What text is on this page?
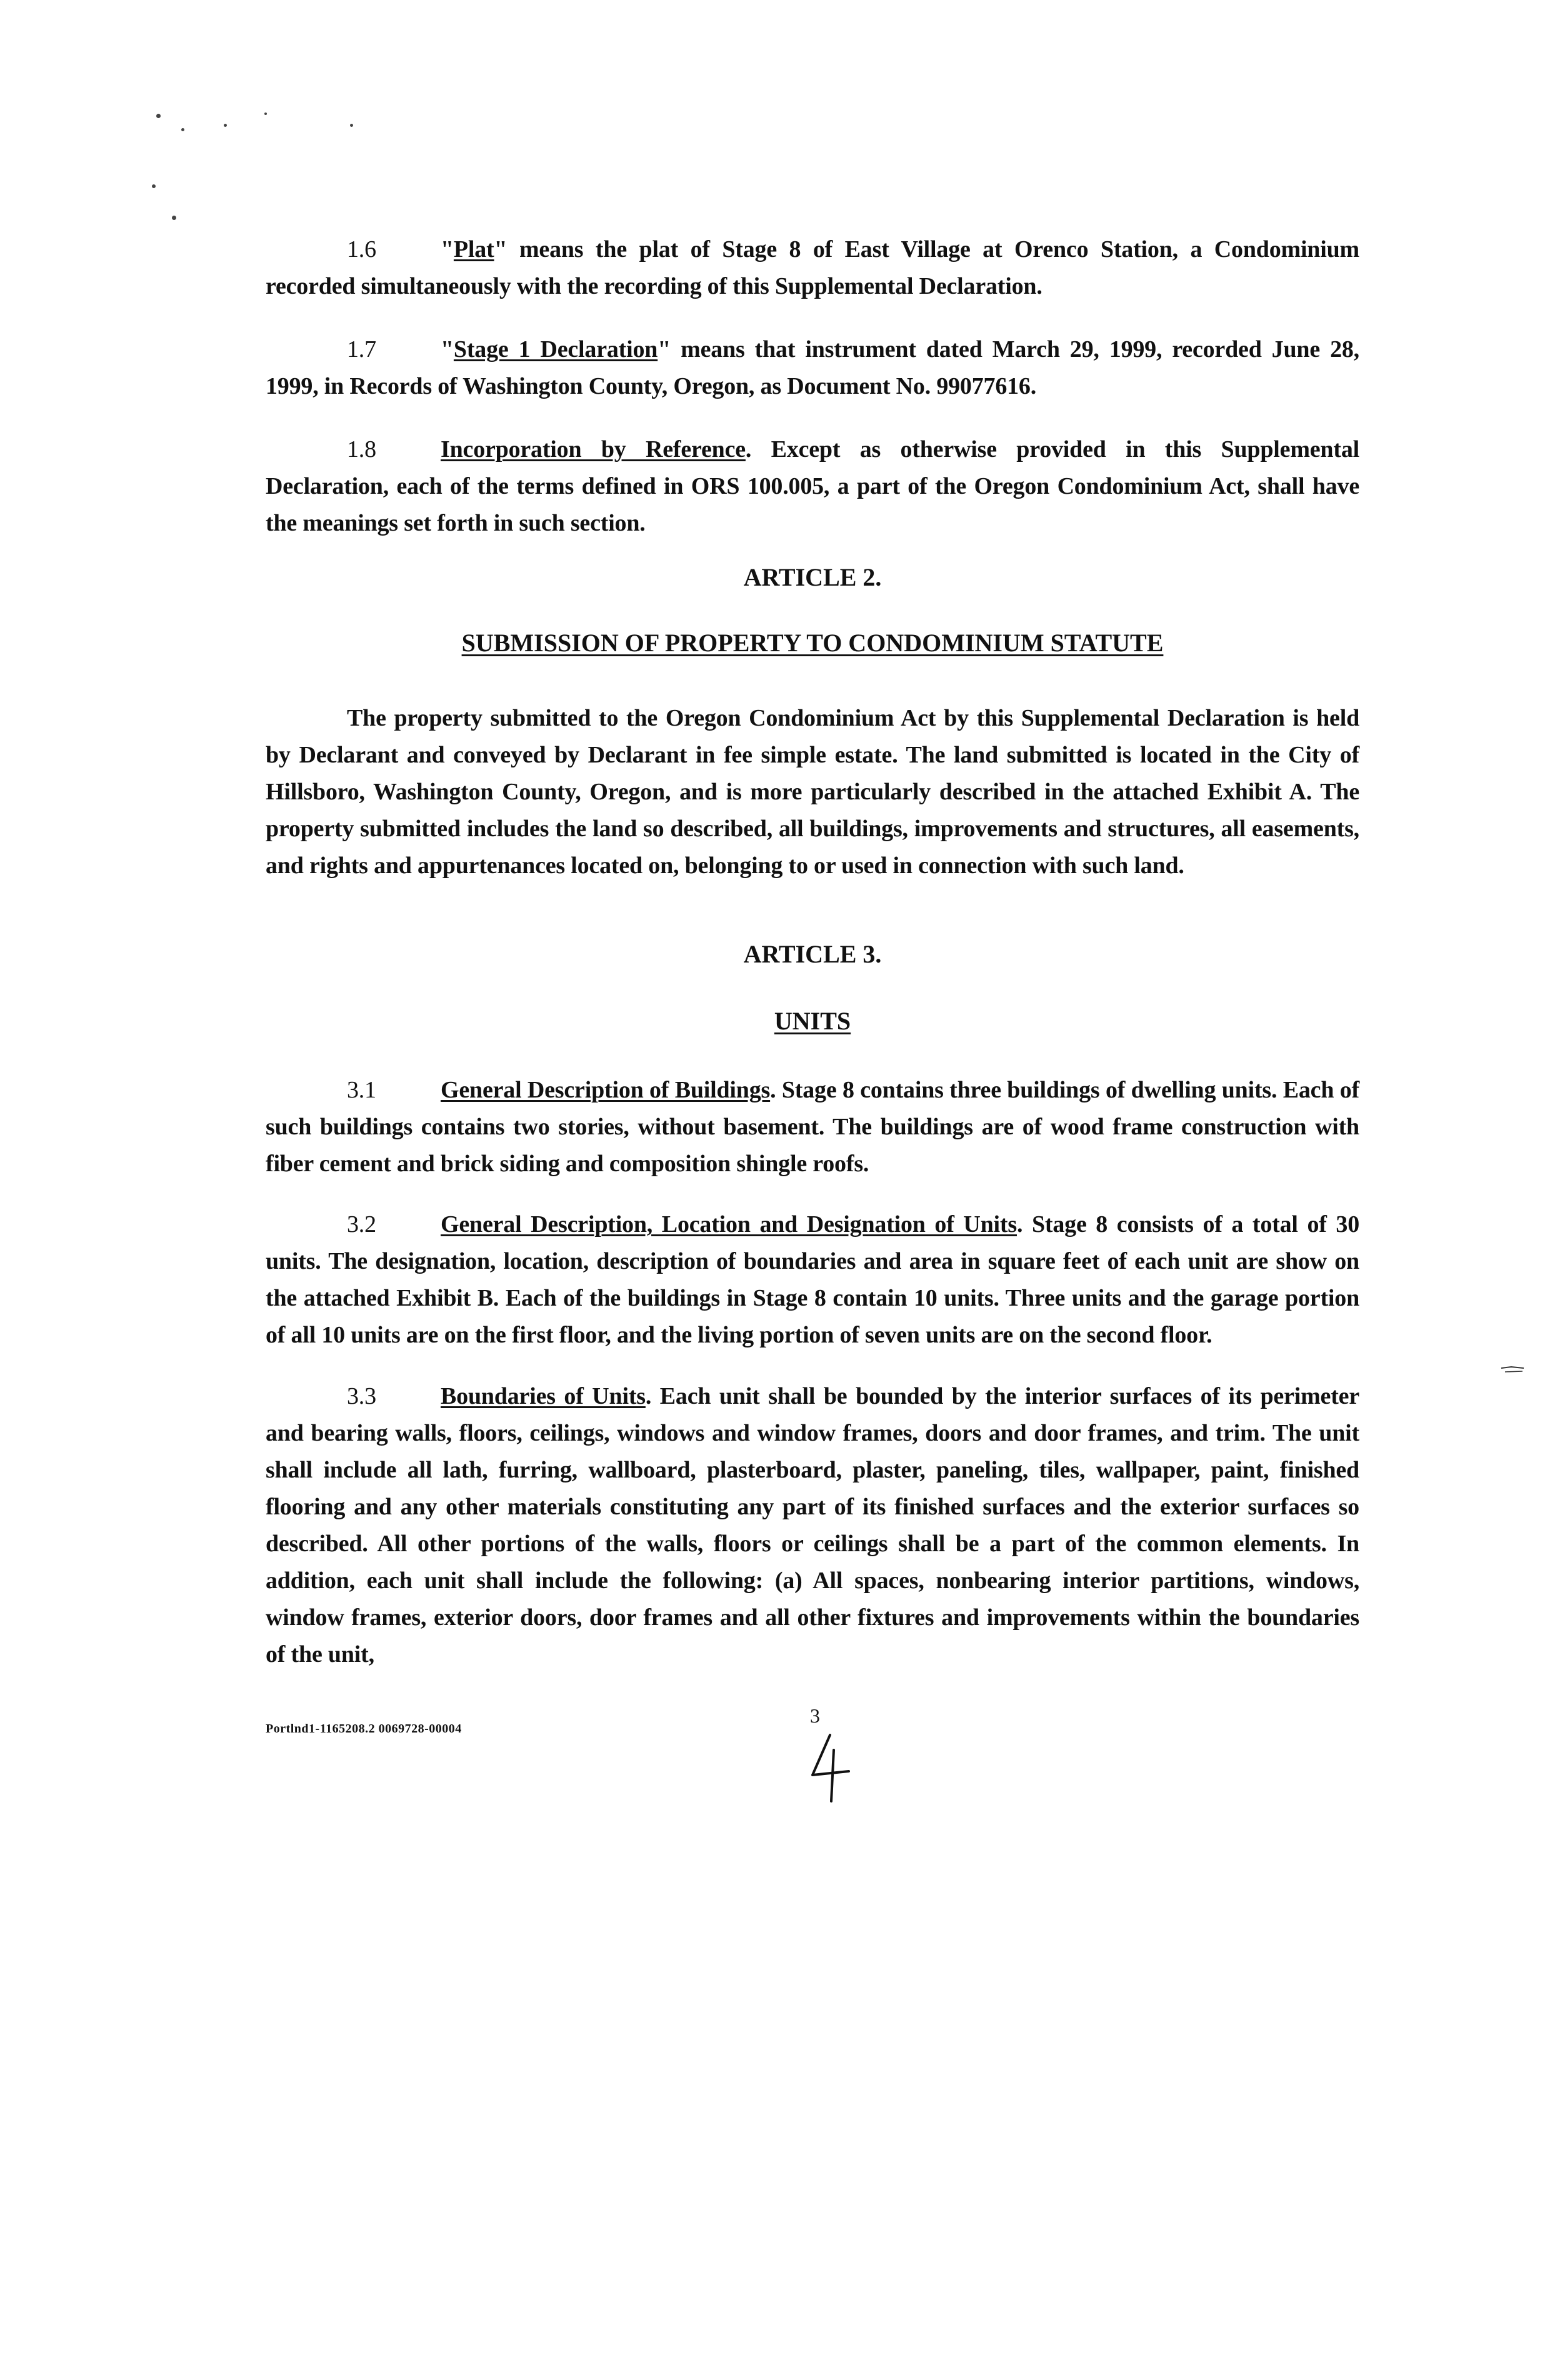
1.6	"Plat" means the plat of Stage 8 of East Village at Orenco Station, a Condominium recorded simultaneously with the recording of this Supplemental Declaration.
1.7	"Stage 1 Declaration" means that instrument dated March 29, 1999, recorded June 28, 1999, in Records of Washington County, Oregon, as Document No. 99077616.
1.8	Incorporation by Reference. Except as otherwise provided in this Supplemental Declaration, each of the terms defined in ORS 100.005, a part of the Oregon Condominium Act, shall have the meanings set forth in such section.
ARTICLE 2.
SUBMISSION OF PROPERTY TO CONDOMINIUM STATUTE
The property submitted to the Oregon Condominium Act by this Supplemental Declaration is held by Declarant and conveyed by Declarant in fee simple estate. The land submitted is located in the City of Hillsboro, Washington County, Oregon, and is more particularly described in the attached Exhibit A. The property submitted includes the land so described, all buildings, improvements and structures, all easements, and rights and appurtenances located on, belonging to or used in connection with such land.
ARTICLE 3.
UNITS
3.1	General Description of Buildings. Stage 8 contains three buildings of dwelling units. Each of such buildings contains two stories, without basement. The buildings are of wood frame construction with fiber cement and brick siding and composition shingle roofs.
3.2	General Description, Location and Designation of Units. Stage 8 consists of a total of 30 units. The designation, location, description of boundaries and area in square feet of each unit are show on the attached Exhibit B. Each of the buildings in Stage 8 contain 10 units. Three units and the garage portion of all 10 units are on the first floor, and the living portion of seven units are on the second floor.
3.3	Boundaries of Units. Each unit shall be bounded by the interior surfaces of its perimeter and bearing walls, floors, ceilings, windows and window frames, doors and door frames, and trim. The unit shall include all lath, furring, wallboard, plasterboard, plaster, paneling, tiles, wallpaper, paint, finished flooring and any other materials constituting any part of its finished surfaces and the exterior surfaces so described. All other portions of the walls, floors or ceilings shall be a part of the common elements. In addition, each unit shall include the following: (a) All spaces, nonbearing interior partitions, windows, window frames, exterior doors, door frames and all other fixtures and improvements within the boundaries of the unit,
Portlnd1-1165208.2 0069728-00004
3
